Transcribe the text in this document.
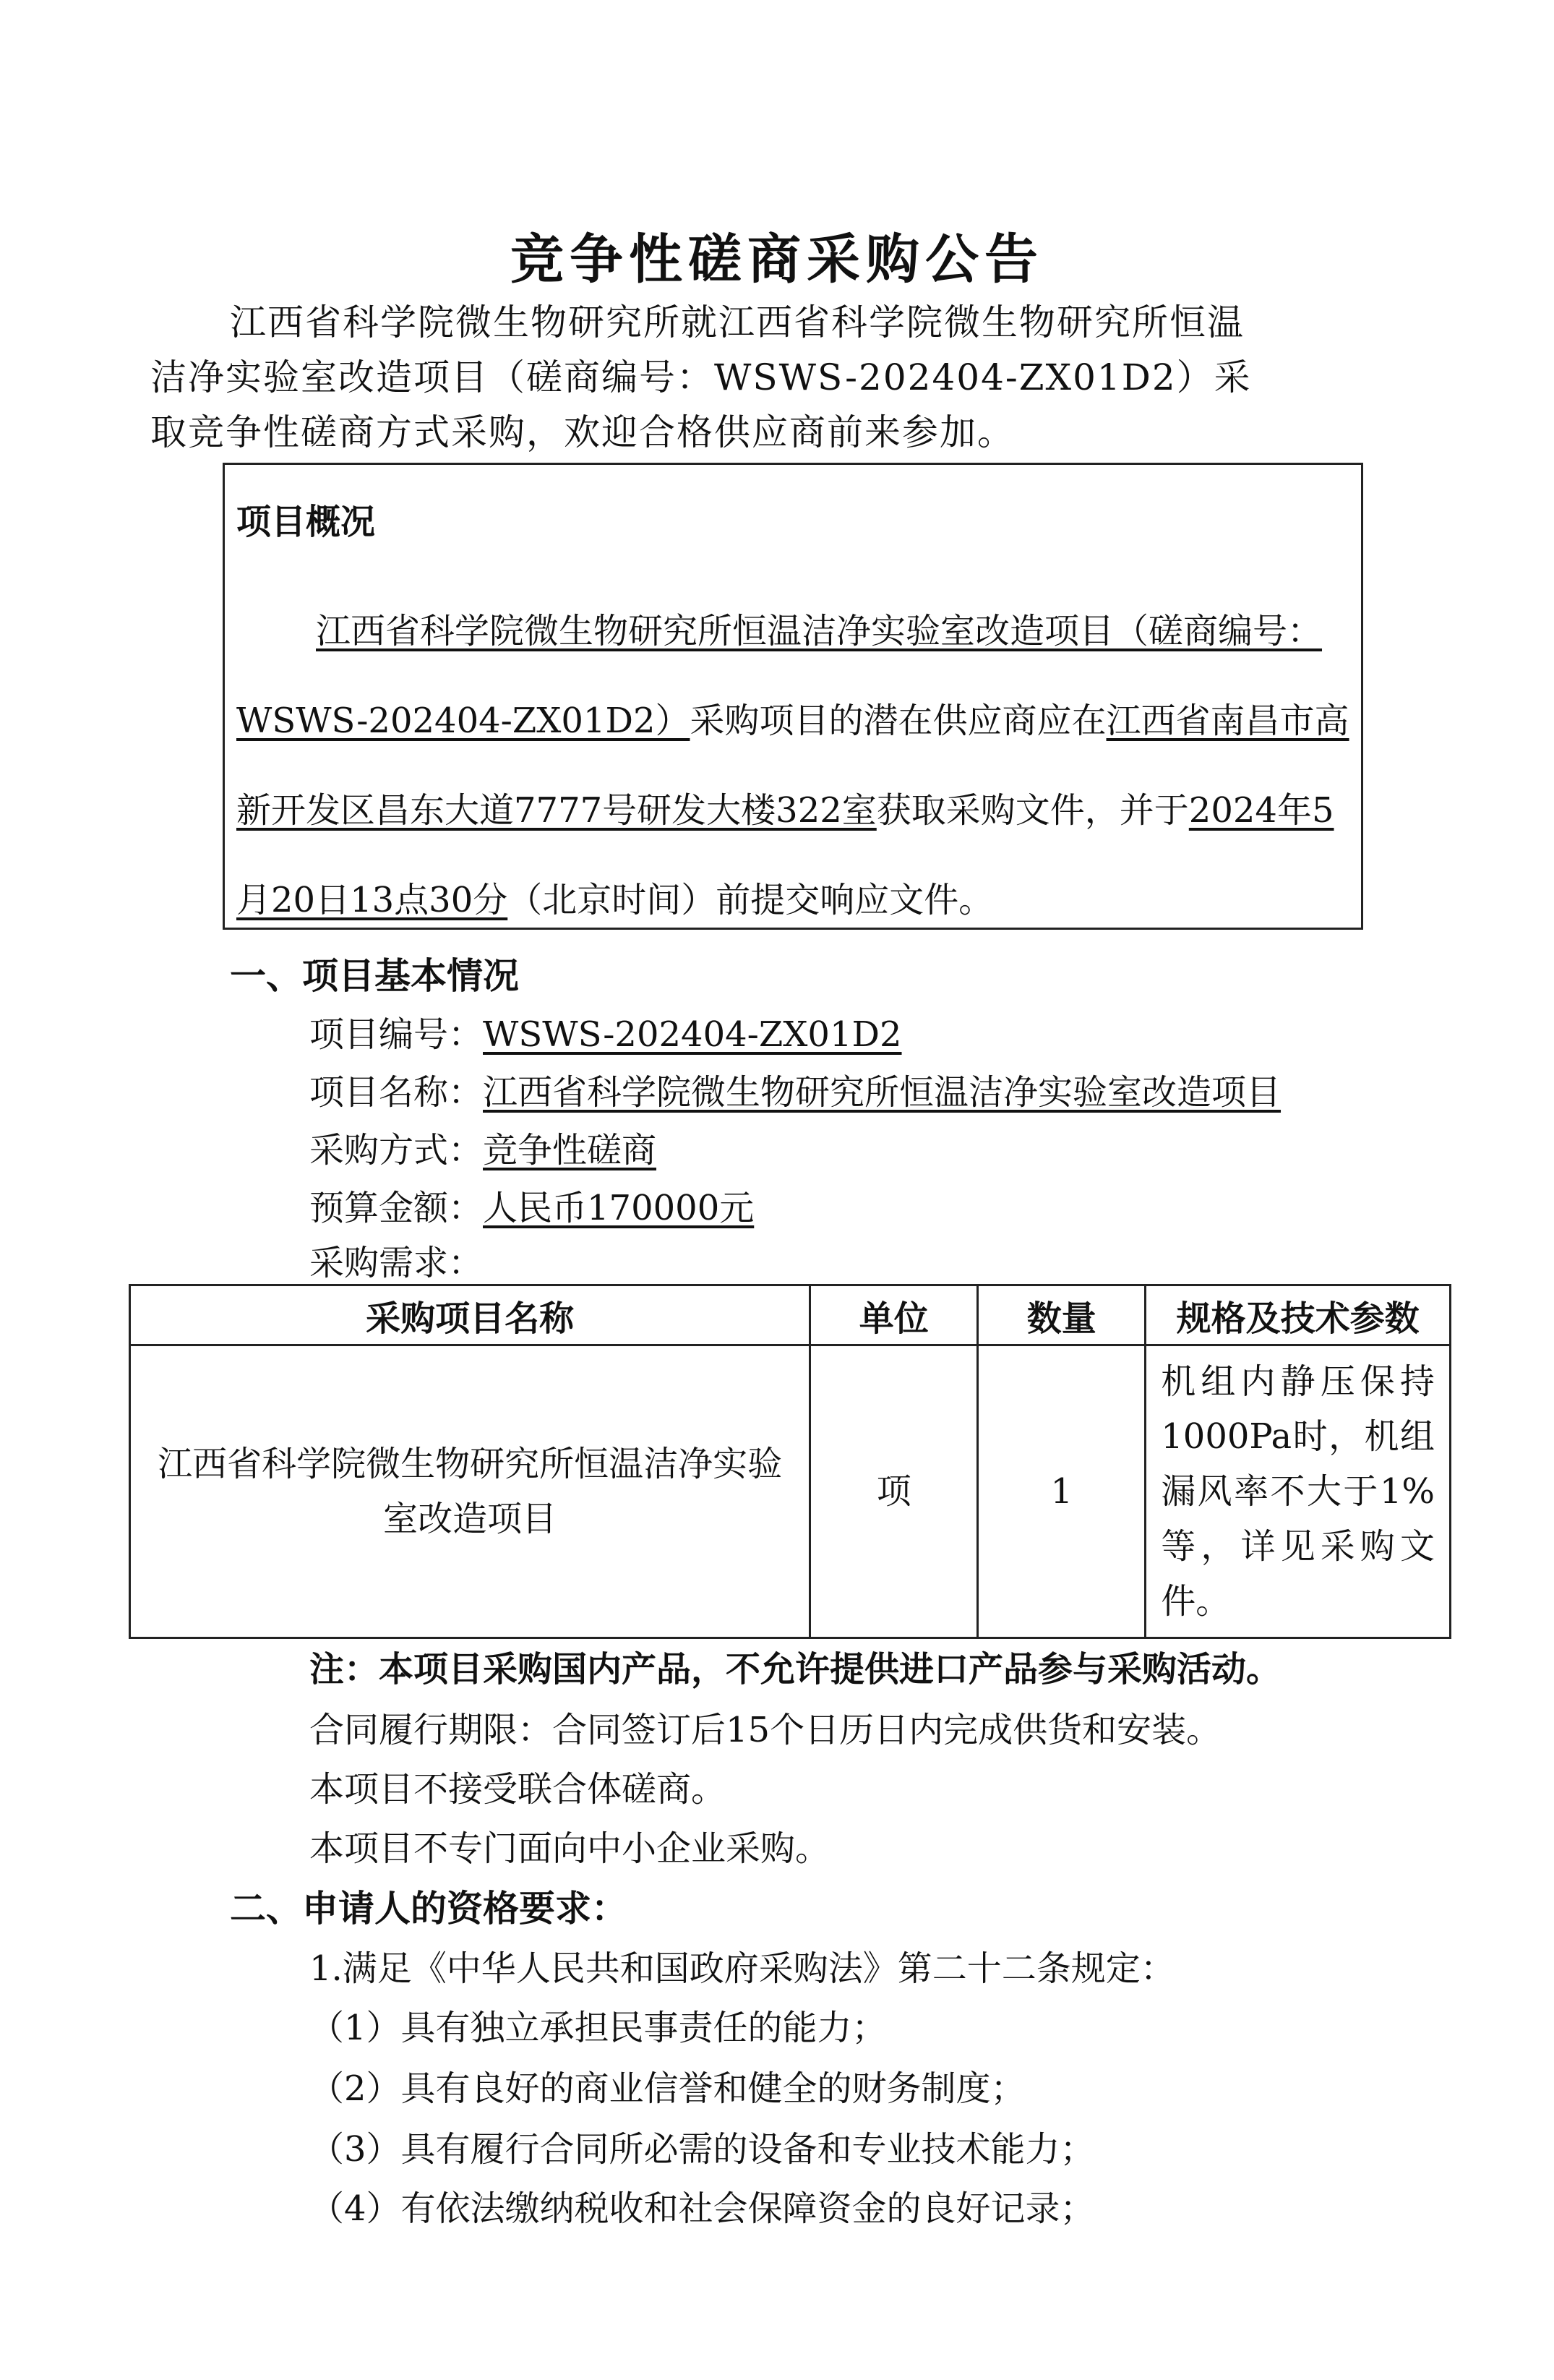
竞争性磋商采购公告
江西省科学院微生物研究所就江西省科学院微生物研究所恒温洁净实验室改造项目（磋商编号：WSWS-202404-ZX01D2）采取竞争性磋商方式采购，欢迎合格供应商前来参加。
项目概况
江西省科学院微生物研究所恒温洁净实验室改造项目（磋商编号：WSWS-202404-ZX01D2）采购项目的潜在供应商应在江西省南昌市高新开发区昌东大道7777号研发大楼322室获取采购文件，并于2024年5月20日13点30分（北京时间）前提交响应文件。
一、项目基本情况
项目编号：WSWS-202404-ZX01D2
项目名称：江西省科学院微生物研究所恒温洁净实验室改造项目
采购方式：竞争性磋商
预算金额：人民币170000元
采购需求：
采购项目名称	单位	数量	规格及技术参数
江西省科学院微生物研究所恒温洁净实验室改造项目	项	1	机组内静压保持1000Pa时，机组漏风率不大于1%等，详见采购文件。
注：本项目采购国内产品，不允许提供进口产品参与采购活动。
合同履行期限：合同签订后15个日历日内完成供货和安装。
本项目不接受联合体磋商。
本项目不专门面向中小企业采购。
二、申请人的资格要求：
1.满足《中华人民共和国政府采购法》第二十二条规定：
（1）具有独立承担民事责任的能力；
（2）具有良好的商业信誉和健全的财务制度；
（3）具有履行合同所必需的设备和专业技术能力；
（4）有依法缴纳税收和社会保障资金的良好记录；
